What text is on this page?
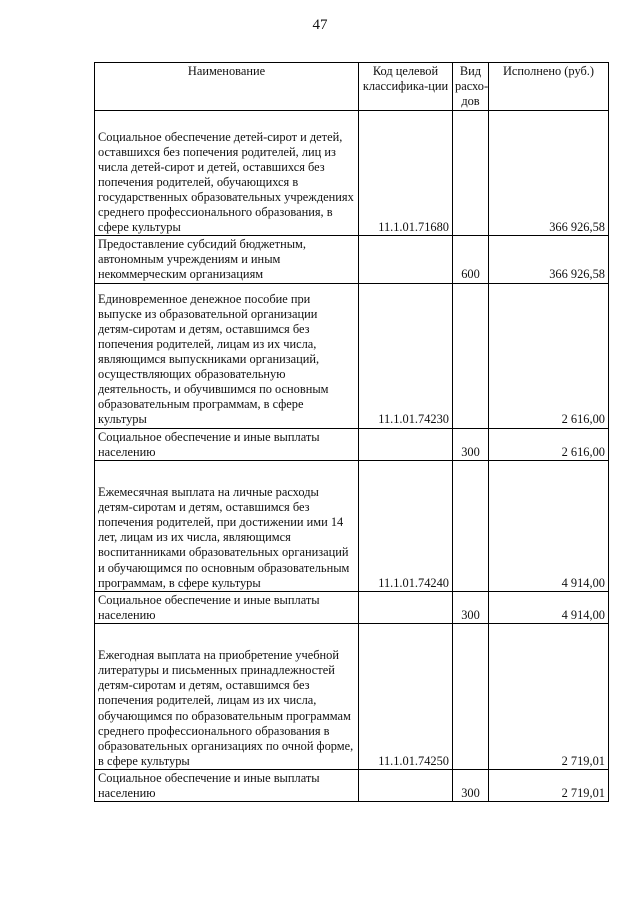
47
Наименование	Код целевой классифика-ции	Вид расхо-дов	Исполнено (руб.)
Социальное обеспечение детей-сирот и детей, оставшихся без попечения родителей, лиц из числа детей-сирот и детей, оставшихся без попечения родителей, обучающихся в государственных образовательных учреждениях среднего профессионального образования, в сфере культуры	11.1.01.71680		366 926,58
Предоставление субсидий бюджетным, автономным учреждениям и иным некоммерческим организациям		600	366 926,58
Единовременное денежное пособие при выпуске из образовательной организации детям-сиротам и детям, оставшимся без попечения родителей, лицам из их числа, являющимся выпускниками организаций, осуществляющих образовательную деятельность, и обучившимся по основным образовательным программам, в сфере культуры	11.1.01.74230		2 616,00
Социальное обеспечение и иные выплаты населению		300	2 616,00
Ежемесячная выплата на личные расходы детям-сиротам и детям, оставшимся без попечения родителей, при достижении ими 14 лет, лицам из их числа, являющимся воспитанниками образовательных организаций и обучающимся по основным образовательным программам, в сфере культуры	11.1.01.74240		4 914,00
Социальное обеспечение и иные выплаты населению		300	4 914,00
Ежегодная выплата на приобретение учебной литературы и письменных принадлежностей детям-сиротам и детям, оставшимся без попечения родителей, лицам из их числа, обучающимся по образовательным программам среднего профессионального образования в образовательных организациях по очной форме, в сфере культуры	11.1.01.74250		2 719,01
Социальное обеспечение и иные выплаты населению		300	2 719,01
